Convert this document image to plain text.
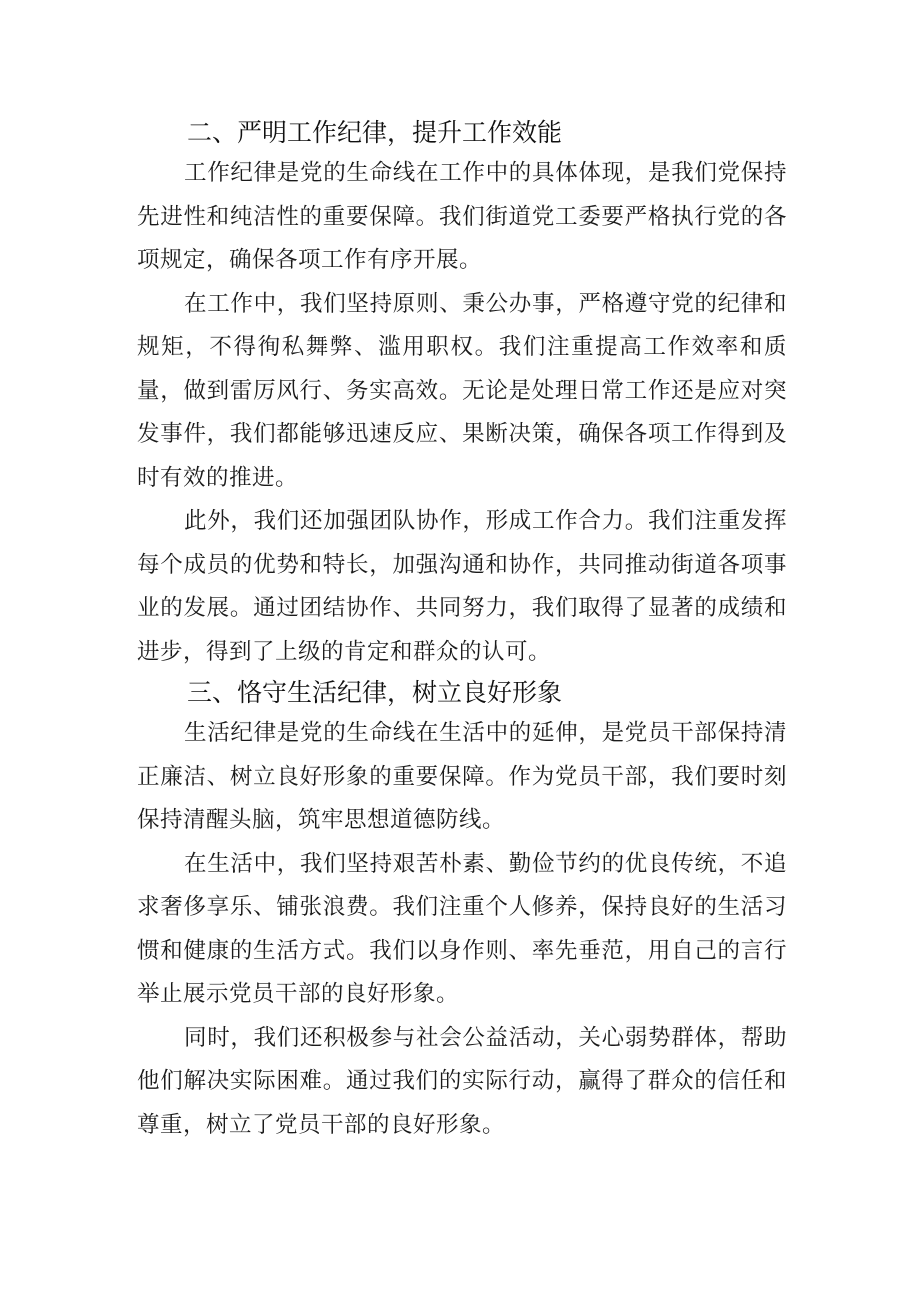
二、严明工作纪律，提升工作效能

工作纪律是党的生命线在工作中的具体体现，是我们党保持先进性和纯洁性的重要保障。我们街道党工委要严格执行党的各项规定，确保各项工作有序开展。

在工作中，我们坚持原则、秉公办事，严格遵守党的纪律和规矩，不得徇私舞弊、滥用职权。我们注重提高工作效率和质量，做到雷厉风行、务实高效。无论是处理日常工作还是应对突发事件，我们都能够迅速反应、果断决策，确保各项工作得到及时有效的推进。

此外，我们还加强团队协作，形成工作合力。我们注重发挥每个成员的优势和特长，加强沟通和协作，共同推动街道各项事业的发展。通过团结协作、共同努力，我们取得了显著的成绩和进步，得到了上级的肯定和群众的认可。

三、恪守生活纪律，树立良好形象

生活纪律是党的生命线在生活中的延伸，是党员干部保持清正廉洁、树立良好形象的重要保障。作为党员干部，我们要时刻保持清醒头脑，筑牢思想道德防线。

在生活中，我们坚持艰苦朴素、勤俭节约的优良传统，不追求奢侈享乐、铺张浪费。我们注重个人修养，保持良好的生活习惯和健康的生活方式。我们以身作则、率先垂范，用自己的言行举止展示党员干部的良好形象。

同时，我们还积极参与社会公益活动，关心弱势群体，帮助他们解决实际困难。通过我们的实际行动，赢得了群众的信任和尊重，树立了党员干部的良好形象。
